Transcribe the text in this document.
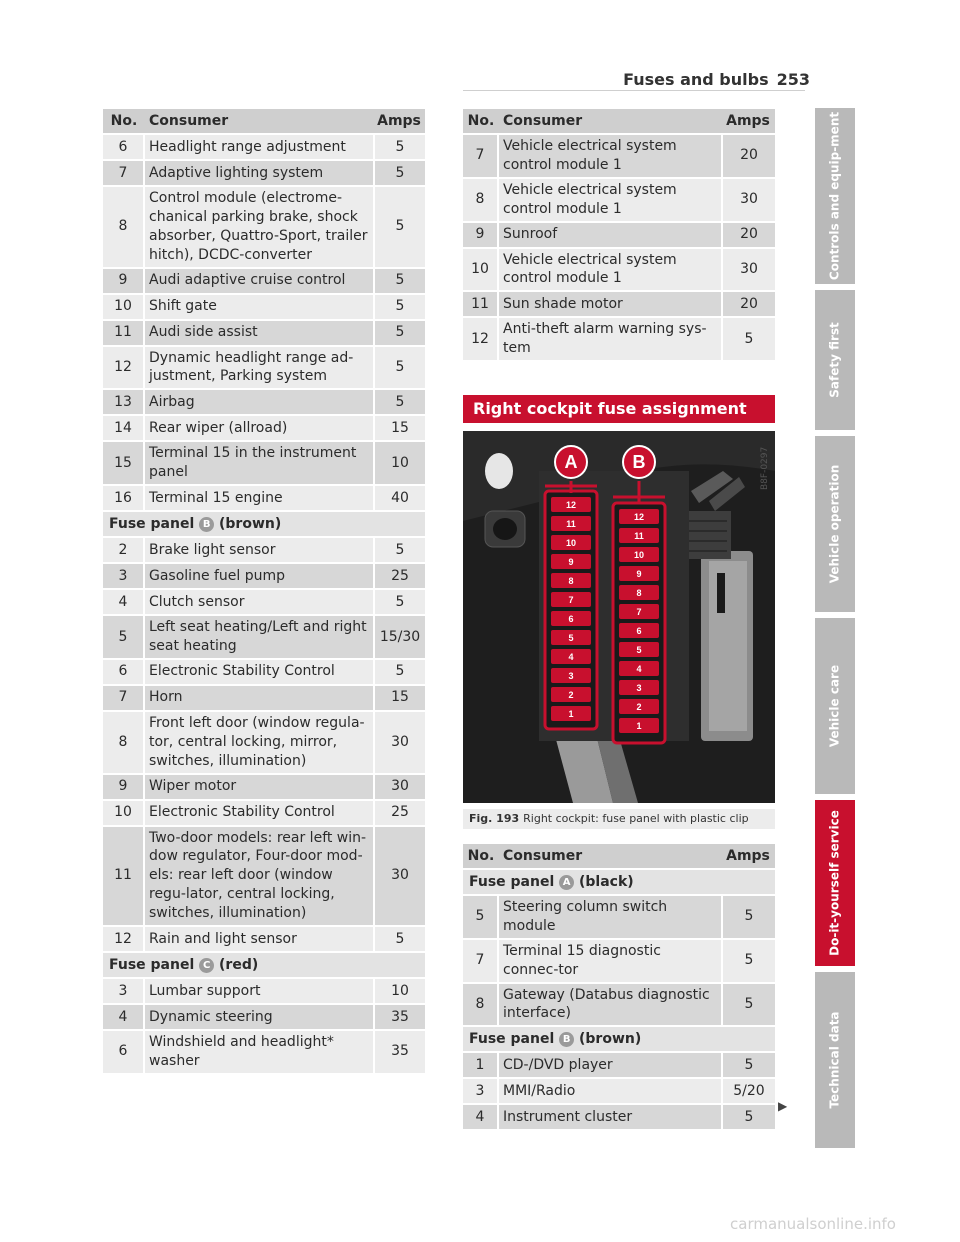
Fuses and bulbs 253
No.	Consumer	Amps
6	Headlight range adjustment	5
7	Adaptive lighting system	5
8	Control module (electrome-chanical parking brake, shock absorber, Quattro-Sport, trailer hitch), DCDC-converter	5
9	Audi adaptive cruise control	5
10	Shift gate	5
11	Audi side assist	5
12	Dynamic headlight range ad-justment, Parking system	5
13	Airbag	5
14	Rear wiper (allroad)	15
15	Terminal 15 in the instrument panel	10
16	Terminal 15 engine	40
Fuse panel B (brown)		
2	Brake light sensor	5
3	Gasoline fuel pump	25
4	Clutch sensor	5
5	Left seat heating/Left and right seat heating	15/30
6	Electronic Stability Control	5
7	Horn	15
8	Front left door (window regula-tor, central locking, mirror, switches, illumination)	30
9	Wiper motor	30
10	Electronic Stability Control	25
11	Two-door models: rear left win-dow regulator, Four-door mod-els: rear left door (window regu-lator, central locking, switches, illumination)	30
12	Rain and light sensor	5
Fuse panel C (red)		
3	Lumbar support	10
4	Dynamic steering	35
6	Windshield and headlight* washer	35
No.	Consumer	Amps
7	Vehicle electrical system control module 1	20
8	Vehicle electrical system control module 1	30
9	Sunroof	20
10	Vehicle electrical system control module 1	30
11	Sun shade motor	20
12	Anti-theft alarm warning sys-tem	5
Right cockpit fuse assignment
12
11
10
9
8
7
6
5
4
3
2
1
12
11
10
9
8
7
6
5
4
3
2
1
A	B	B8F-0297
Fig. 193 Right cockpit: fuse panel with plastic clip
No.	Consumer	Amps
Fuse panel A (black)		
5	Steering column switch module	5
7	Terminal 15 diagnostic connec-tor	5
8	Gateway (Databus diagnostic interface)	5
Fuse panel B (brown)		
1	CD-/DVD player	5
3	MMI/Radio	5/20
4	Instrument cluster	5
▶
Controls and equip-ment
Safety first
Vehicle operation
Vehicle care
Do-it-yourself service
Technical data
carmanualsonline.info
